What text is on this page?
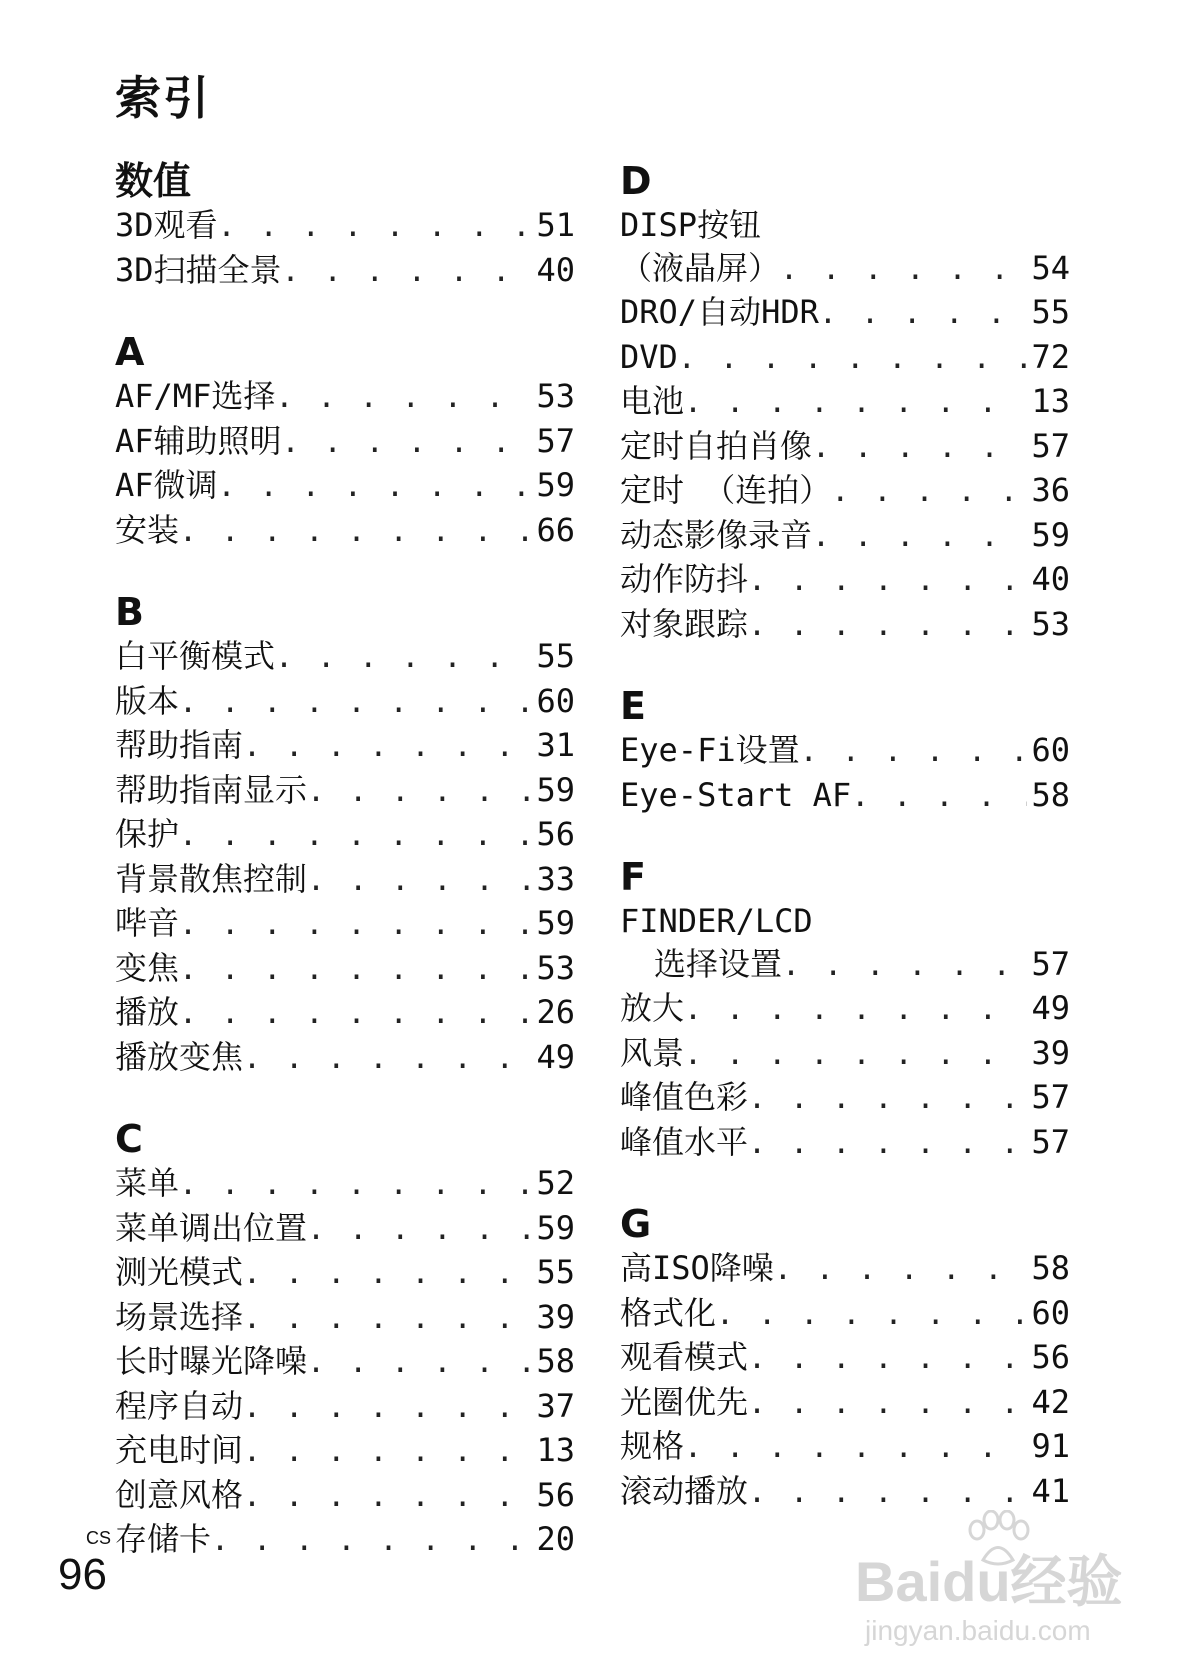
索引
数值
3D观看 . . .	51
3D扫描全景 . . .	40
A
AF/MF选择 . . .	53
AF辅助照明 . . .	57
AF微调 . . .	59
安装 . . .	66
B
白平衡模式 . . .	55
版本 . . .	60
帮助指南 . . .	31
帮助指南显示 . . .	59
保护 . . .	56
背景散焦控制 . . .	33
哔音 . . .	59
变焦 . . .	53
播放 . . .	26
播放变焦 . . .	49
C
菜单 . . .	52
菜单调出位置 . . .	59
测光模式 . . .	55
场景选择 . . .	39
长时曝光降噪 . . .	58
程序自动 . . .	37
充电时间 . . .	13
创意风格 . . .	56
存储卡 . . .	20
D
DISP按钮
（液晶屏） . . .	54
DRO/自动HDR . . .	55
DVD . . .	72
电池 . . .	13
定时自拍肖像 . . .	57
定时 （连拍） . . .	36
动态影像录音 . . .	59
动作防抖 . . .	40
对象跟踪 . . .	53
E
Eye-Fi设置 . . .	60
Eye-Start AF . . .	58
F
FINDER/LCD
选择设置 . . .	57
放大 . . .	49
风景 . . .	39
峰值色彩 . . .	57
峰值水平 . . .	57
G
高ISO降噪 . . .	58
格式化 . . .	60
观看模式 . . .	56
光圈优先 . . .	42
规格 . . .	91
滚动播放 . . .	41
CS
96	Baidu经验
jingyan.baidu.com
